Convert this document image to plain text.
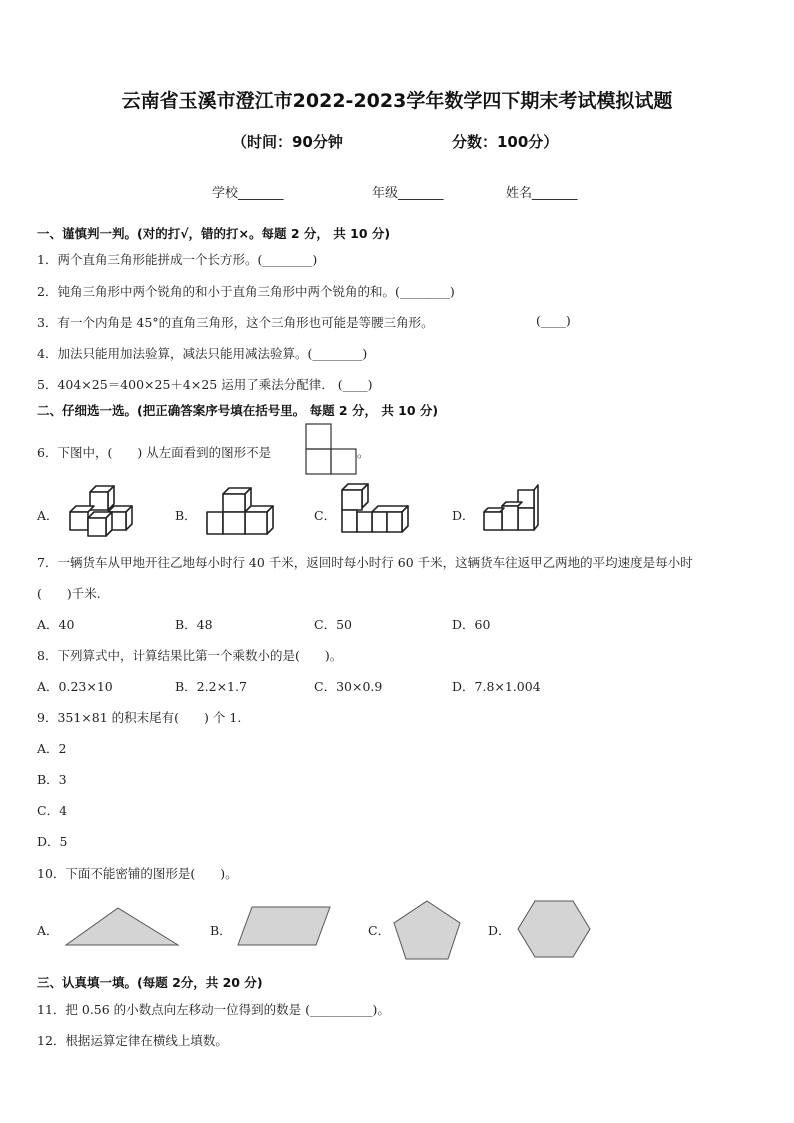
云南省玉溪市澄江市2022-2023学年数学四下期末考试模拟试题
（时间：90分钟	分数：100分）
学校_______	年级_______	姓名_______
一、谨慎判一判。(对的打√，错的打×。每题 2 分， 共 10 分)
1．两个直角三角形能拼成一个长方形。(________)
2．钝角三角形中两个锐角的和小于直角三角形中两个锐角的和。(________)
3．有一个内角是 45°的直角三角形，这个三角形也可能是等腰三角形。	(____)
4．加法只能用加法验算，减法只能用减法验算。(________)
5．404×25＝400×25＋4×25 运用了乘法分配律． (____)
二、仔细选一选。(把正确答案序号填在括号里。 每题 2 分， 共 10 分)
6．下图中，(　　) 从左面看到的图形不是	。
A．	B．	C．	D．
7．一辆货车从甲地开往乙地每小时行 40 千米，返回时每小时行 60 千米，这辆货车往返甲乙两地的平均速度是每小时
(　　)千米.
A．40	B．48	C．50	D．60
8．下列算式中，计算结果比第一个乘数小的是(　　)。
A．0.23×10	B．2.2×1.7	C．30×0.9	D．7.8×1.004
9．351×81 的积末尾有(　　) 个 1.
A．2
B．3
C．4
D．5
10．下面不能密铺的图形是(　　)。
A．	B．	C．	D．
三、认真填一填。(每题 2分，共 20 分)
11．把 0.56 的小数点向左移动一位得到的数是 (__________)。
12．根据运算定律在横线上填数。
